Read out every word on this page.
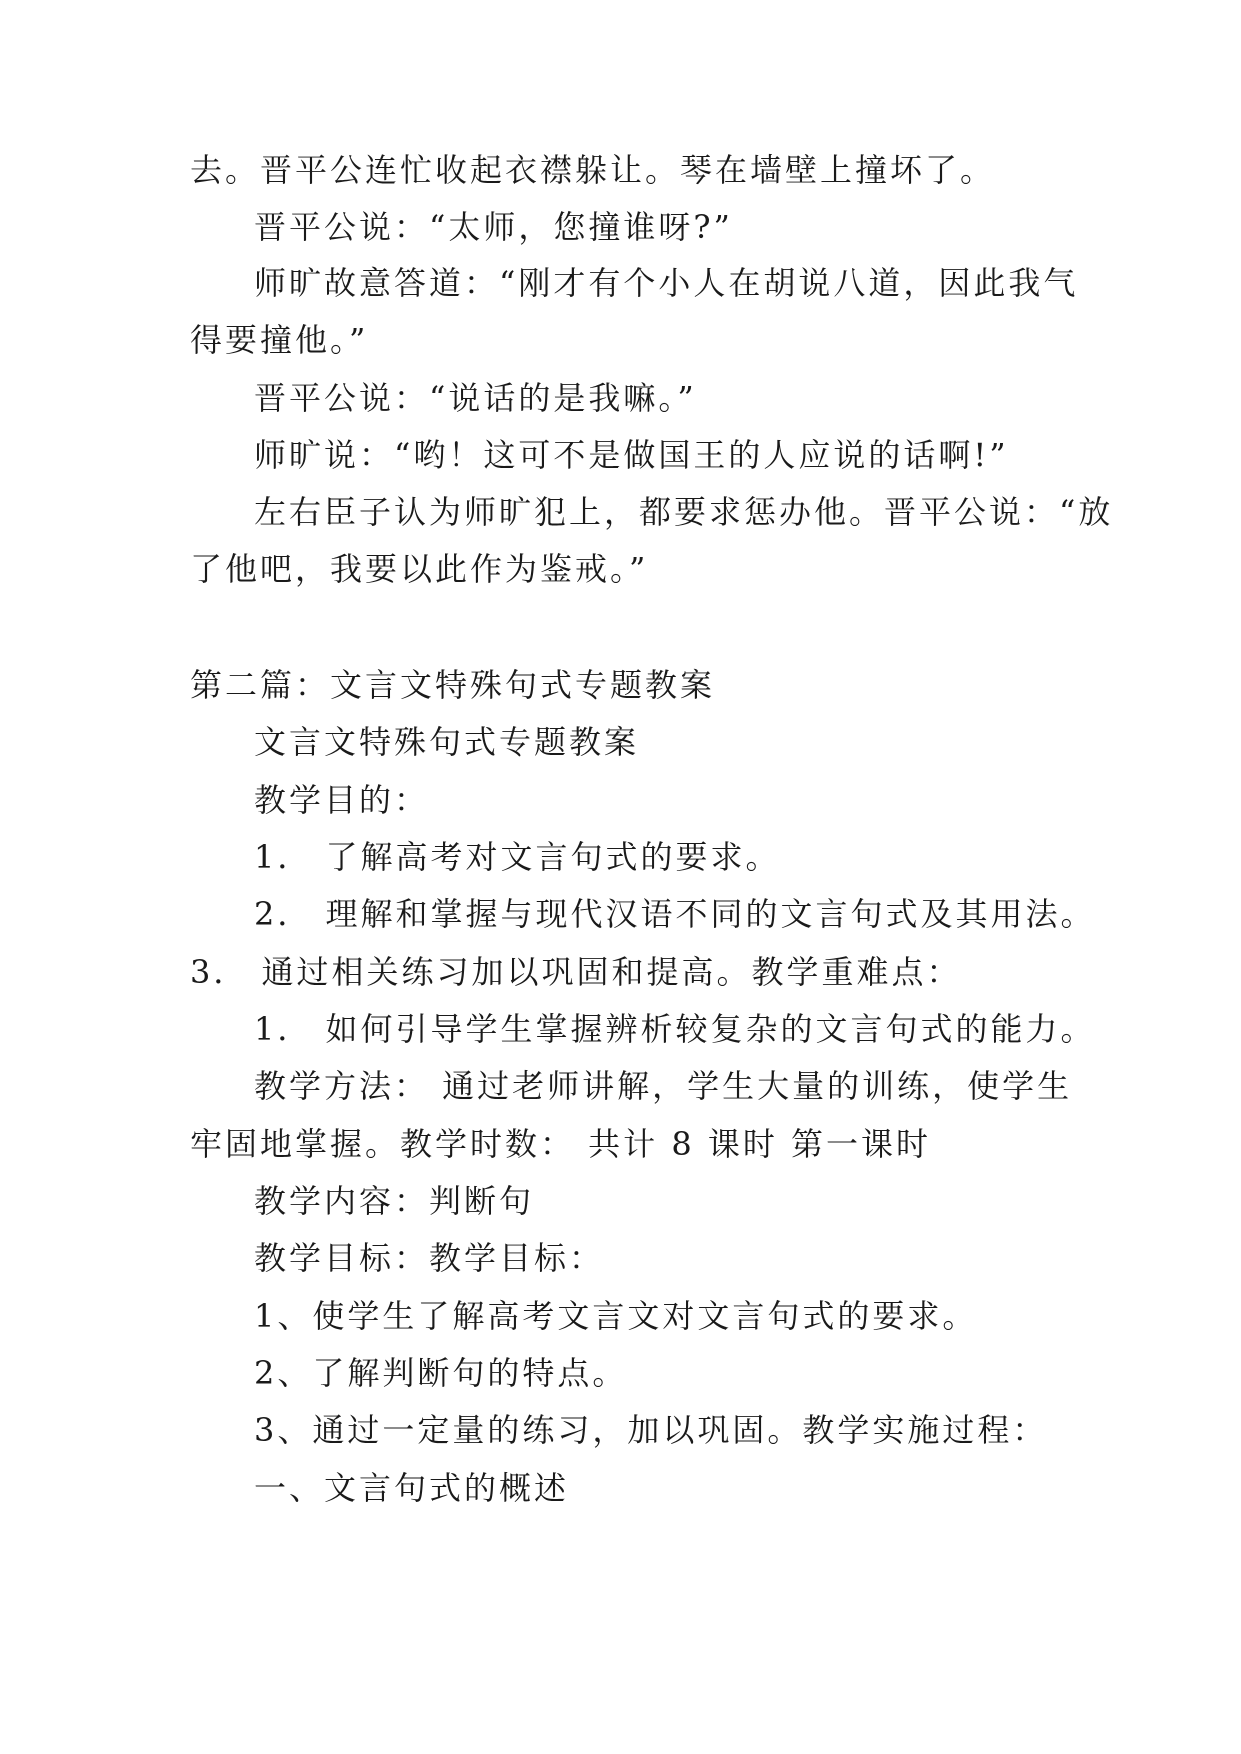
去。晋平公连忙收起衣襟躲让。琴在墙壁上撞坏了。
晋平公说：“太师，您撞谁呀?”
师旷故意答道：“刚才有个小人在胡说八道，因此我气
得要撞他。”
晋平公说：“说话的是我嘛。”
师旷说：“哟！这可不是做国王的人应说的话啊!”
左右臣子认为师旷犯上，都要求惩办他。晋平公说：“放
了他吧，我要以此作为鉴戒。”
第二篇：文言文特殊句式专题教案
文言文特殊句式专题教案
教学目的：
1． 了解高考对文言句式的要求。
2． 理解和掌握与现代汉语不同的文言句式及其用法。
3． 通过相关练习加以巩固和提高。教学重难点：
1． 如何引导学生掌握辨析较复杂的文言句式的能力。
教学方法： 通过老师讲解，学生大量的训练，使学生
牢固地掌握。教学时数： 共计 8 课时 第一课时
教学内容：判断句
教学目标：教学目标：
1、使学生了解高考文言文对文言句式的要求。
2、了解判断句的特点。
3、通过一定量的练习，加以巩固。教学实施过程：
一、文言句式的概述
